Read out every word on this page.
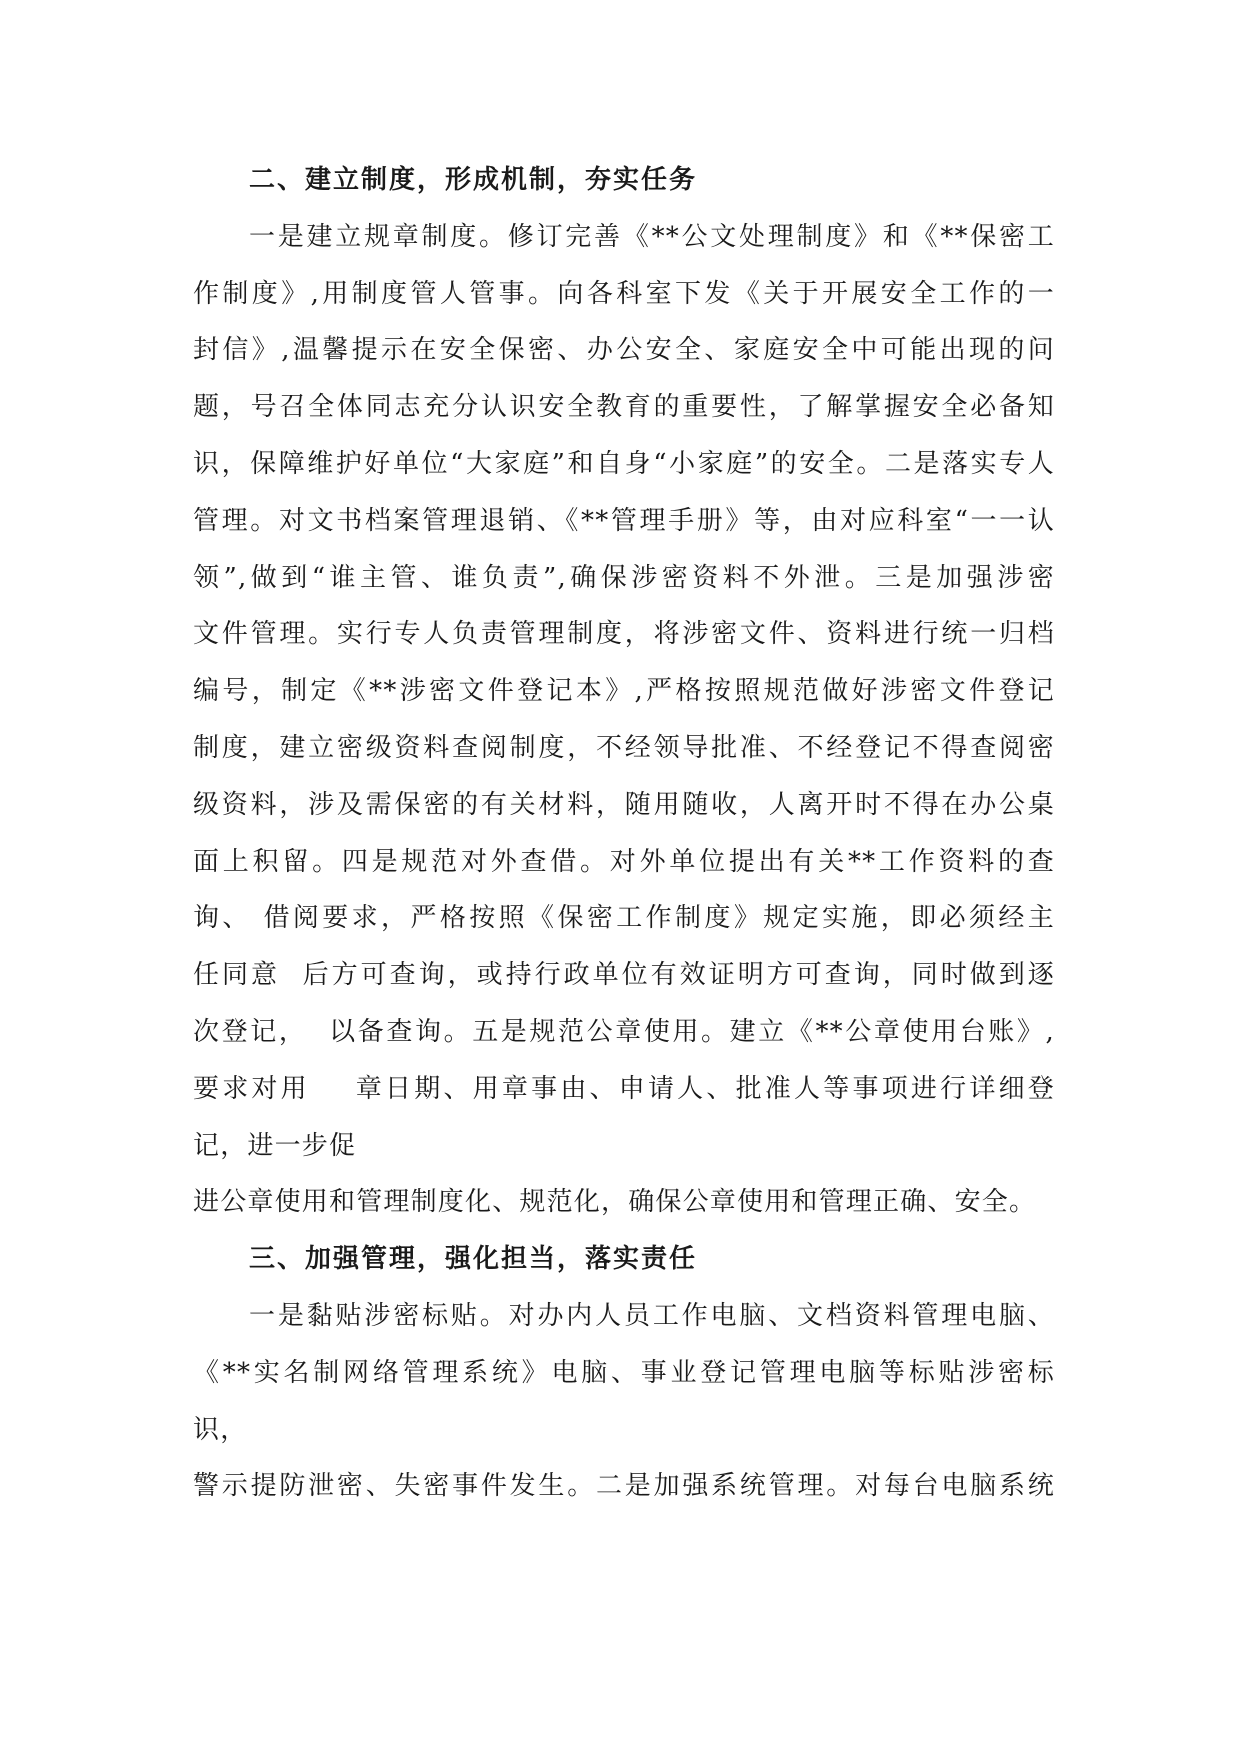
二、建立制度，形成机制，夯实任务
一是建立规章制度。修订完善《**公文处理制度》和《**保密工
作制度》,用制度管人管事。向各科室下发《关于开展安全工作的一
封信》,温馨提示在安全保密、办公安全、家庭安全中可能出现的问
题，号召全体同志充分认识安全教育的重要性，了解掌握安全必备知
识，保障维护好单位“大家庭”和自身“小家庭”的安全。二是落实专人
管理。对文书档案管理退销、《**管理手册》等，由对应科室“一一认
领”,做到“谁主管、谁负责”,确保涉密资料不外泄。三是加强涉密
文件管理。实行专人负责管理制度，将涉密文件、资料进行统一归档
编号，制定《**涉密文件登记本》,严格按照规范做好涉密文件登记
制度，建立密级资料查阅制度，不经领导批准、不经登记不得查阅密
级资料，涉及需保密的有关材料，随用随收，人离开时不得在办公桌
面上积留。四是规范对外查借。对外单位提出有关**工作资料的查
询、 借阅要求，严格按照《保密工作制度》规定实施，即必须经主
任同意  后方可查询，或持行政单位有效证明方可查询，同时做到逐
次登记，  以备查询。五是规范公章使用。建立《**公章使用台账》,
要求对用    章日期、用章事由、申请人、批准人等事项进行详细登
记，进一步促
进公章使用和管理制度化、规范化，确保公章使用和管理正确、安全。
三、加强管理，强化担当，落实责任
一是黏贴涉密标贴。对办内人员工作电脑、文档资料管理电脑、
《**实名制网络管理系统》电脑、事业登记管理电脑等标贴涉密标
识，
警示提防泄密、失密事件发生。二是加强系统管理。对每台电脑系统
